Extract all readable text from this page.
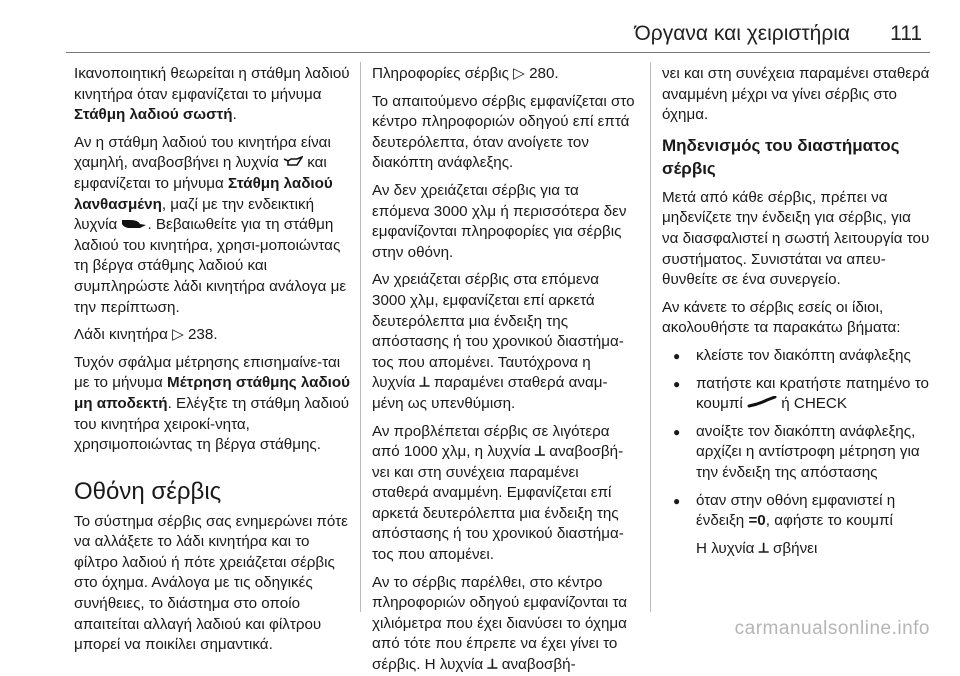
Όργανα και χειριστήρια 111

Ικανοποιητική θεωρείται η στάθμη λαδιού κινητήρα όταν εμφανίζεται το μήνυμα Στάθμη λαδιού σωστή.

Αν η στάθμη λαδιού του κινητήρα είναι χαμηλή, αναβοσβήνει η λυχνία  και εμφανίζεται το μήνυμα Στάθμη λαδιού λανθασμένη, μαζί με την ενδεικτική λυχνία . Βεβαιωθείτε για τη στάθμη λαδιού του κινητήρα, χρησι-μοποιώντας τη βέργα στάθμης λαδιού και συμπληρώστε λάδι κινητήρα ανάλογα με την περίπτωση.

Λάδι κινητήρα ▷ 238.

Τυχόν σφάλμα μέτρησης επισημαίνε-ται με το μήνυμα Μέτρηση στάθμης λαδιού μη αποδεκτή. Ελέγξτε τη στάθμη λαδιού του κινητήρα χειροκί-νητα, χρησιμοποιώντας τη βέργα στάθμης.

Οθόνη σέρβις

Το σύστημα σέρβις σας ενημερώνει πότε να αλλάξετε το λάδι κινητήρα και το φίλτρο λαδιού ή πότε χρειάζεται σέρβις στο όχημα. Ανάλογα με τις οδηγικές συνήθειες, το διάστημα στο οποίο απαιτείται αλλαγή λαδιού και φίλτρου μπορεί να ποικίλει σημαντικά.

Πληροφορίες σέρβις ▷ 280.

Το απαιτούμενο σέρβις εμφανίζεται στο κέντρο πληροφοριών οδηγού επί επτά δευτερόλεπτα, όταν ανοίγετε τον διακόπτη ανάφλεξης.

Αν δεν χρειάζεται σέρβις για τα επόμενα 3000 χλμ ή περισσότερα δεν εμφανίζονται πληροφορίες για σέρβις στην οθόνη.

Αν χρειάζεται σέρβις στα επόμενα 3000 χλμ, εμφανίζεται επί αρκετά δευτερόλεπτα μια ένδειξη της απόστασης ή του χρονικού διαστήμα-τος που απομένει. Ταυτόχρονα η λυχνία ⟂ παραμένει σταθερά αναμ-μένη ως υπενθύμιση.

Αν προβλέπεται σέρβις σε λιγότερα από 1000 χλμ, η λυχνία ⟂ αναβοσβή-νει και στη συνέχεια παραμένει σταθερά αναμμένη. Εμφανίζεται επί αρκετά δευτερόλεπτα μια ένδειξη της απόστασης ή του χρονικού διαστήμα-τος που απομένει.

Αν το σέρβις παρέλθει, στο κέντρο πληροφοριών οδηγού εμφανίζονται τα χιλιόμετρα που έχει διανύσει το όχημα από τότε που έπρεπε να έχει γίνει το σέρβις. Η λυχνία ⟂ αναβοσβή-

νει και στη συνέχεια παραμένει σταθερά αναμμένη μέχρι να γίνει σέρβις στο όχημα.

Μηδενισμός του διαστήματος σέρβις

Μετά από κάθε σέρβις, πρέπει να μηδενίζετε την ένδειξη για σέρβις, για να διασφαλιστεί η σωστή λειτουργία του συστήματος. Συνιστάται να απευ-θυνθείτε σε ένα συνεργείο.

Αν κάνετε το σέρβις εσείς οι ίδιοι, ακολουθήστε τα παρακάτω βήματα:

● κλείστε τον διακόπτη ανάφλεξης
● πατήστε και κρατήστε πατημένο το κουμπί  ή CHECK
● ανοίξτε τον διακόπτη ανάφλεξης, αρχίζει η αντίστροφη μέτρηση για την ένδειξη της απόστασης
● όταν στην οθόνη εμφανιστεί η ένδειξη =0, αφήστε το κουμπί

Η λυχνία ⟂ σβήνει

carmanualsonline.info
